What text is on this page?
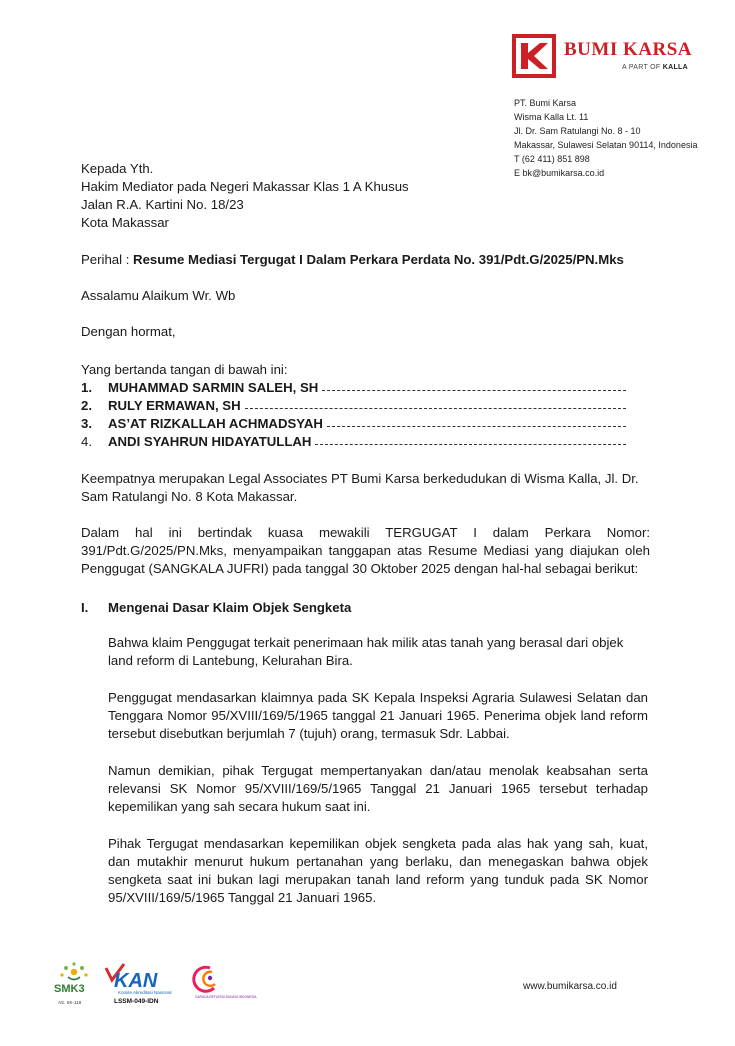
BUMI KARSA
A PART OF KALLA
PT. Bumi Karsa
Wisma Kalla Lt. 11
Jl. Dr. Sam Ratulangi No. 8 - 10
Makassar, Sulawesi Selatan 90114, Indonesia
T (62 411) 851 898
E bk@bumikarsa.co.id
Kepada Yth.
Hakim Mediator pada Negeri Makassar Klas 1 A Khusus
Jalan R.A. Kartini No. 18/23
Kota Makassar
Perihal : Resume Mediasi Tergugat I Dalam Perkara Perdata No. 391/Pdt.G/2025/PN.Mks
Assalamu Alaikum Wr. Wb
Dengan hormat,
Yang bertanda tangan di bawah ini:
1.	MUHAMMAD SARMIN SALEH, SH
2.	RULY ERMAWAN, SH
3.	AS’AT RIZKALLAH ACHMADSYAH
4.	ANDI SYAHRUN HIDAYATULLAH
Keempatnya merupakan Legal Associates PT Bumi Karsa berkedudukan di Wisma Kalla, Jl. Dr. Sam Ratulangi No. 8 Kota Makassar.
Dalam hal ini bertindak kuasa mewakili TERGUGAT I dalam Perkara Nomor: 391/Pdt.G/2025/PN.Mks, menyampaikan tanggapan atas Resume Mediasi yang diajukan oleh Penggugat (SANGKALA JUFRI) pada tanggal 30 Oktober 2025 dengan hal-hal sebagai berikut:
I. Mengenai Dasar Klaim Objek Sengketa
Bahwa klaim Penggugat terkait penerimaan hak milik atas tanah yang berasal dari objek land reform di Lantebung, Kelurahan Bira.
Penggugat mendasarkan klaimnya pada SK Kepala Inspeksi Agraria Sulawesi Selatan dan Tenggara Nomor 95/XVIII/169/5/1965 tanggal 21 Januari 1965. Penerima objek land reform tersebut disebutkan berjumlah 7 (tujuh) orang, termasuk Sdr. Labbai.
Namun demikian, pihak Tergugat mempertanyakan dan/atau menolak keabsahan serta relevansi SK Nomor 95/XVIII/169/5/1965 Tanggal 21 Januari 1965 tersebut terhadap kepemilikan yang sah secara hukum saat ini.
Pihak Tergugat mendasarkan kepemilikan objek sengketa pada alas hak yang sah, kuat, dan mutakhir menurut hukum pertanahan yang berlaku, dan menegaskan bahwa objek sengketa saat ini bukan lagi merupakan tanah land reform yang tunduk pada SK Nomor 95/XVIII/169/5/1965 Tanggal 21 Januari 1965.
SMK3
AS. SK-118
KAN
Komite Akreditasi Nasional
LSSM-049-IDN
GARUDA REFLEKSI BUDAYA INDONESIA
www.bumikarsa.co.id
